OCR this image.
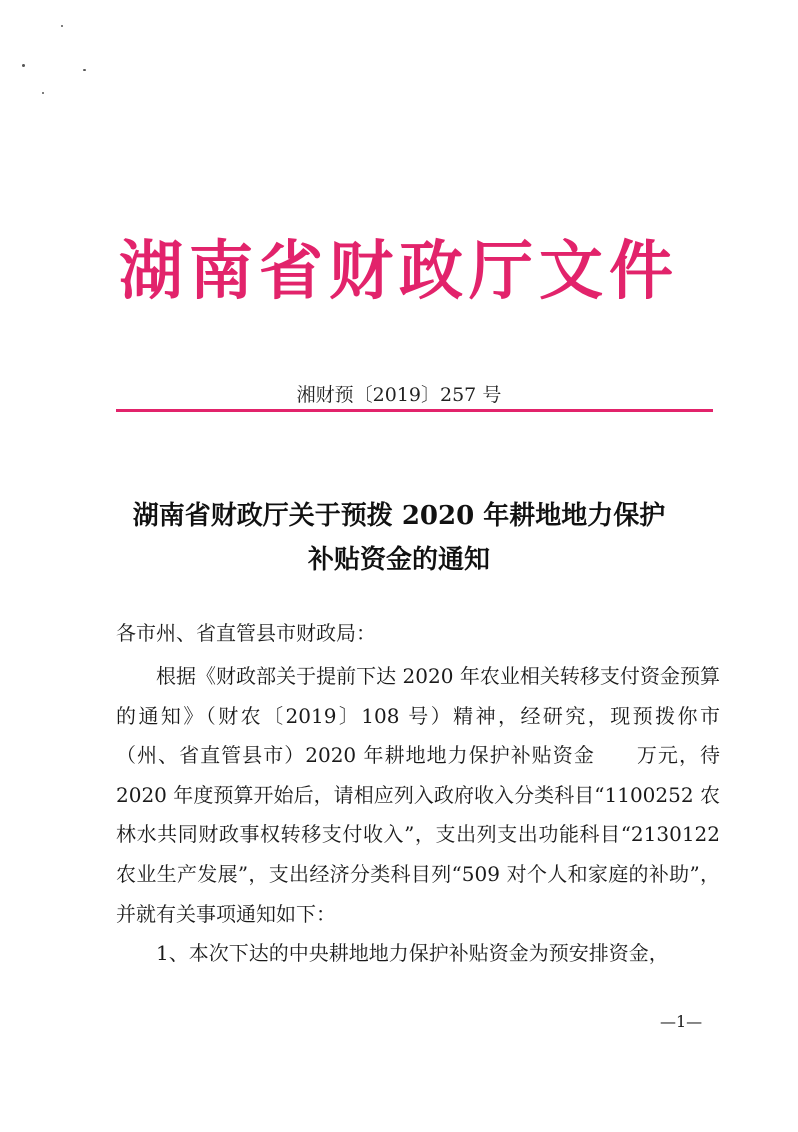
湖南省财政厅文件
湘财预〔2019〕257 号
湖南省财政厅关于预拨 2020 年耕地地力保护
补贴资金的通知
各市州、省直管县市财政局：

根据《财政部关于提前下达 2020 年农业相关转移支付资金预算的通知》（财农〔2019〕108 号）精神，经研究，现预拨你市（州、省直管县市）2020 年耕地地力保护补贴资金　　万元，待 2020 年度预算开始后，请相应列入政府收入分类科目“1100252 农林水共同财政事权转移支付收入”，支出列支出功能科目“2130122 农业生产发展”，支出经济分类科目列“509 对个人和家庭的补助”，并就有关事项通知如下：

1、本次下达的中央耕地地力保护补贴资金为预安排资金，

—1—
